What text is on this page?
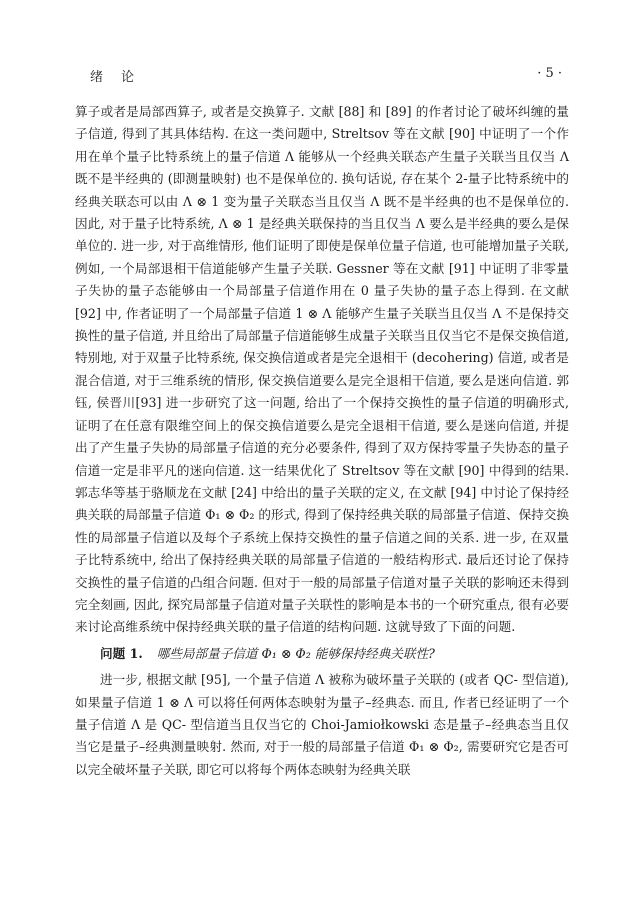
绪论	· 5 ·

算子或者是局部西算子, 或者是交换算子. 文献 [88] 和 [89] 的作者讨论了破坏纠缠的量子信道, 得到了其具体结构. 在这一类问题中, Streltsov 等在文献 [90] 中证明了一个作用在单个量子比特系统上的量子信道 Λ 能够从一个经典关联态产生量子关联当且仅当 Λ 既不是半经典的 (即测量映射) 也不是保单位的. 换句话说, 存在某个 2-量子比特系统中的经典关联态可以由 Λ ⊗ 1 变为量子关联态当且仅当 Λ 既不是半经典的也不是保单位的. 因此, 对于量子比特系统, Λ ⊗ 1 是经典关联保持的当且仅当 Λ 要么是半经典的要么是保单位的. 进一步, 对于高维情形, 他们证明了即使是保单位量子信道, 也可能增加量子关联, 例如, 一个局部退相干信道能够产生量子关联. Gessner 等在文献 [91] 中证明了非零量子失协的量子态能够由一个局部量子信道作用在 0 量子失协的量子态上得到. 在文献 [92] 中, 作者证明了一个局部量子信道 1 ⊗ Λ 能够产生量子关联当且仅当 Λ 不是保持交换性的量子信道, 并且给出了局部量子信道能够生成量子关联当且仅当它不是保交换信道, 特别地, 对于双量子比特系统, 保交换信道或者是完全退相干 (decohering) 信道, 或者是混合信道, 对于三维系统的情形, 保交换信道要么是完全退相干信道, 要么是迷向信道. 郭钰, 侯晋川[93] 进一步研究了这一问题, 给出了一个保持交换性的量子信道的明确形式, 证明了在任意有限维空间上的保交换信道要么是完全退相干信道, 要么是迷向信道, 并提出了产生量子失协的局部量子信道的充分必要条件, 得到了双方保持零量子失协态的量子信道一定是非平凡的迷向信道. 这一结果优化了 Streltsov 等在文献 [90] 中得到的结果. 郭志华等基于骆顺龙在文献 [24] 中给出的量子关联的定义, 在文献 [94] 中讨论了保持经典关联的局部量子信道 Φ₁ ⊗ Φ₂ 的形式, 得到了保持经典关联的局部量子信道、保持交换性的局部量子信道以及每个子系统上保持交换性的量子信道之间的关系. 进一步, 在双量子比特系统中, 给出了保持经典关联的局部量子信道的一般结构形式. 最后还讨论了保持交换性的量子信道的凸组合问题. 但对于一般的局部量子信道对量子关联的影响还未得到完全刻画, 因此, 探究局部量子信道对量子关联性的影响是本书的一个研究重点, 很有必要来讨论高维系统中保持经典关联的量子信道的结构问题. 这就导致了下面的问题.

问题 1. 哪些局部量子信道 Φ₁ ⊗ Φ₂ 能够保持经典关联性?

进一步, 根据文献 [95], 一个量子信道 Λ 被称为破坏量子关联的 (或者 QC- 型信道), 如果量子信道 1 ⊗ Λ 可以将任何两体态映射为量子–经典态. 而且, 作者已经证明了一个量子信道 Λ 是 QC- 型信道当且仅当它的 Choi-Jamiołkowski 态是量子–经典态当且仅当它是量子–经典测量映射. 然而, 对于一般的局部量子信道 Φ₁ ⊗ Φ₂, 需要研究它是否可以完全破坏量子关联, 即它可以将每个两体态映射为经典关联
